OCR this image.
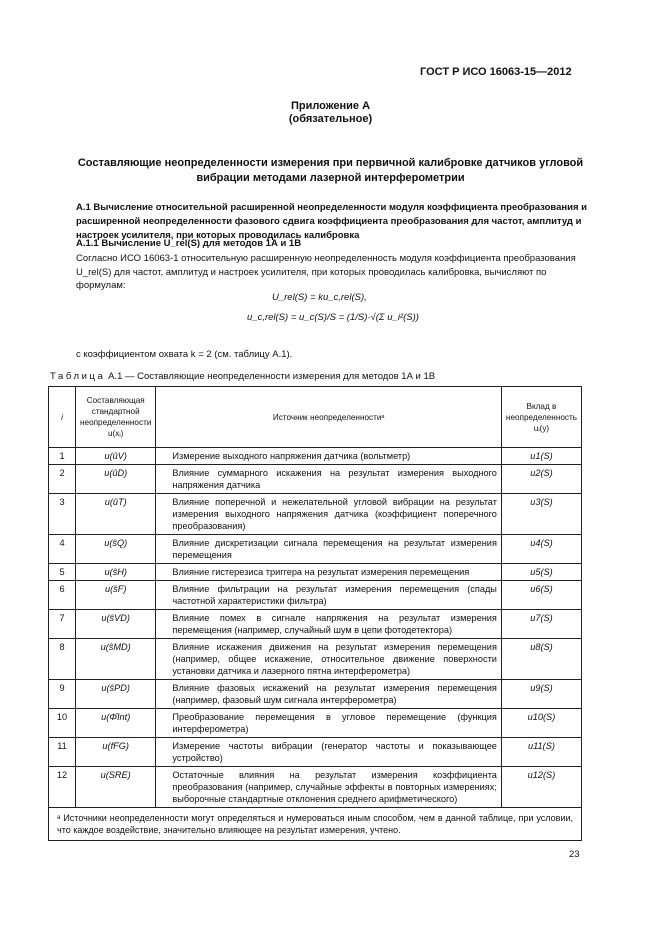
ГОСТ Р ИСО 16063-15—2012
Приложение А
(обязательное)
Составляющие неопределенности измерения при первичной калибровке датчиков угловой вибрации методами лазерной интерферометрии
А.1 Вычисление относительной расширенной неопределенности модуля коэффициента преобразования и расширенной неопределенности фазового сдвига коэффициента преобразования для частот, амплитуд и настроек усилителя, при которых проводилась калибровка
А.1.1 Вычисление U_rel(S) для методов 1А и 1В
Согласно ИСО 16063-1 относительную расширенную неопределенность модуля коэффициента преобразования U_rel(S) для частот, амплитуд и настроек усилителя, при которых проводилась калибровка, вычисляют по формулам:
U_rel(S) = ku_c,rel(S),
u_c,rel(S) = u_c(S)/S = (1/S)·√(Σ u_i²(S))
с коэффициентом охвата k = 2 (см. таблицу А.1).
Таблица А.1 — Составляющие неопределенности измерения для методов 1А и 1В
i	Составляющая стандартной неопределенности u(xᵢ)	Источник неопределенностиᵃ	Вклад в неопределенность uᵢ(y)
1	u(ûV)	Измерение выходного напряжения датчика (вольтметр)	u1(S)
2	u(ûD)	Влияние суммарного искажения на результат измерения выходного напряжения датчика	u2(S)
3	u(ûT)	Влияние поперечной и нежелательной угловой вибрации на результат измерения выходного напряжения датчика (коэффициент поперечного преобразования)	u3(S)
4	u(ŝQ)	Влияние дискретизации сигнала перемещения на результат измерения перемещения	u4(S)
5	u(ŝH)	Влияние гистерезиса триггера на результат измерения перемещения	u5(S)
6	u(ŝF)	Влияние фильтрации на результат измерения перемещения (спады частотной характеристики фильтра)	u6(S)
7	u(ŝVD)	Влияние помех в сигнале напряжения на результат измерения перемещения (например, случайный шум в цепи фотодетектора)	u7(S)
8	u(ŝMD)	Влияние искажения движения на результат измерения перемещения (например, общее искажение, относительное движение поверхности установки датчика и лазерного пятна интерферометра)	u8(S)
9	u(ŝPD)	Влияние фазовых искажений на результат измерения перемещения (например, фазовый шум сигнала интерферометра)	u9(S)
10	u(Φ̂Int)	Преобразование перемещения в угловое перемещение (функция интерферометра)	u10(S)
11	u(fFG)	Измерение частоты вибрации (генератор частоты и показывающее устройство)	u11(S)
12	u(SRE)	Остаточные влияния на результат измерения коэффициента преобразования (например, случайные эффекты в повторных измерениях; выборочные стандартные отклонения среднего арифметического)	u12(S)
ᵃ Источники неопределенности могут определяться и нумероваться иным способом, чем в данной таблице, при условии, что каждое воздействие, значительно влияющее на результат измерения, учтено.			
23
